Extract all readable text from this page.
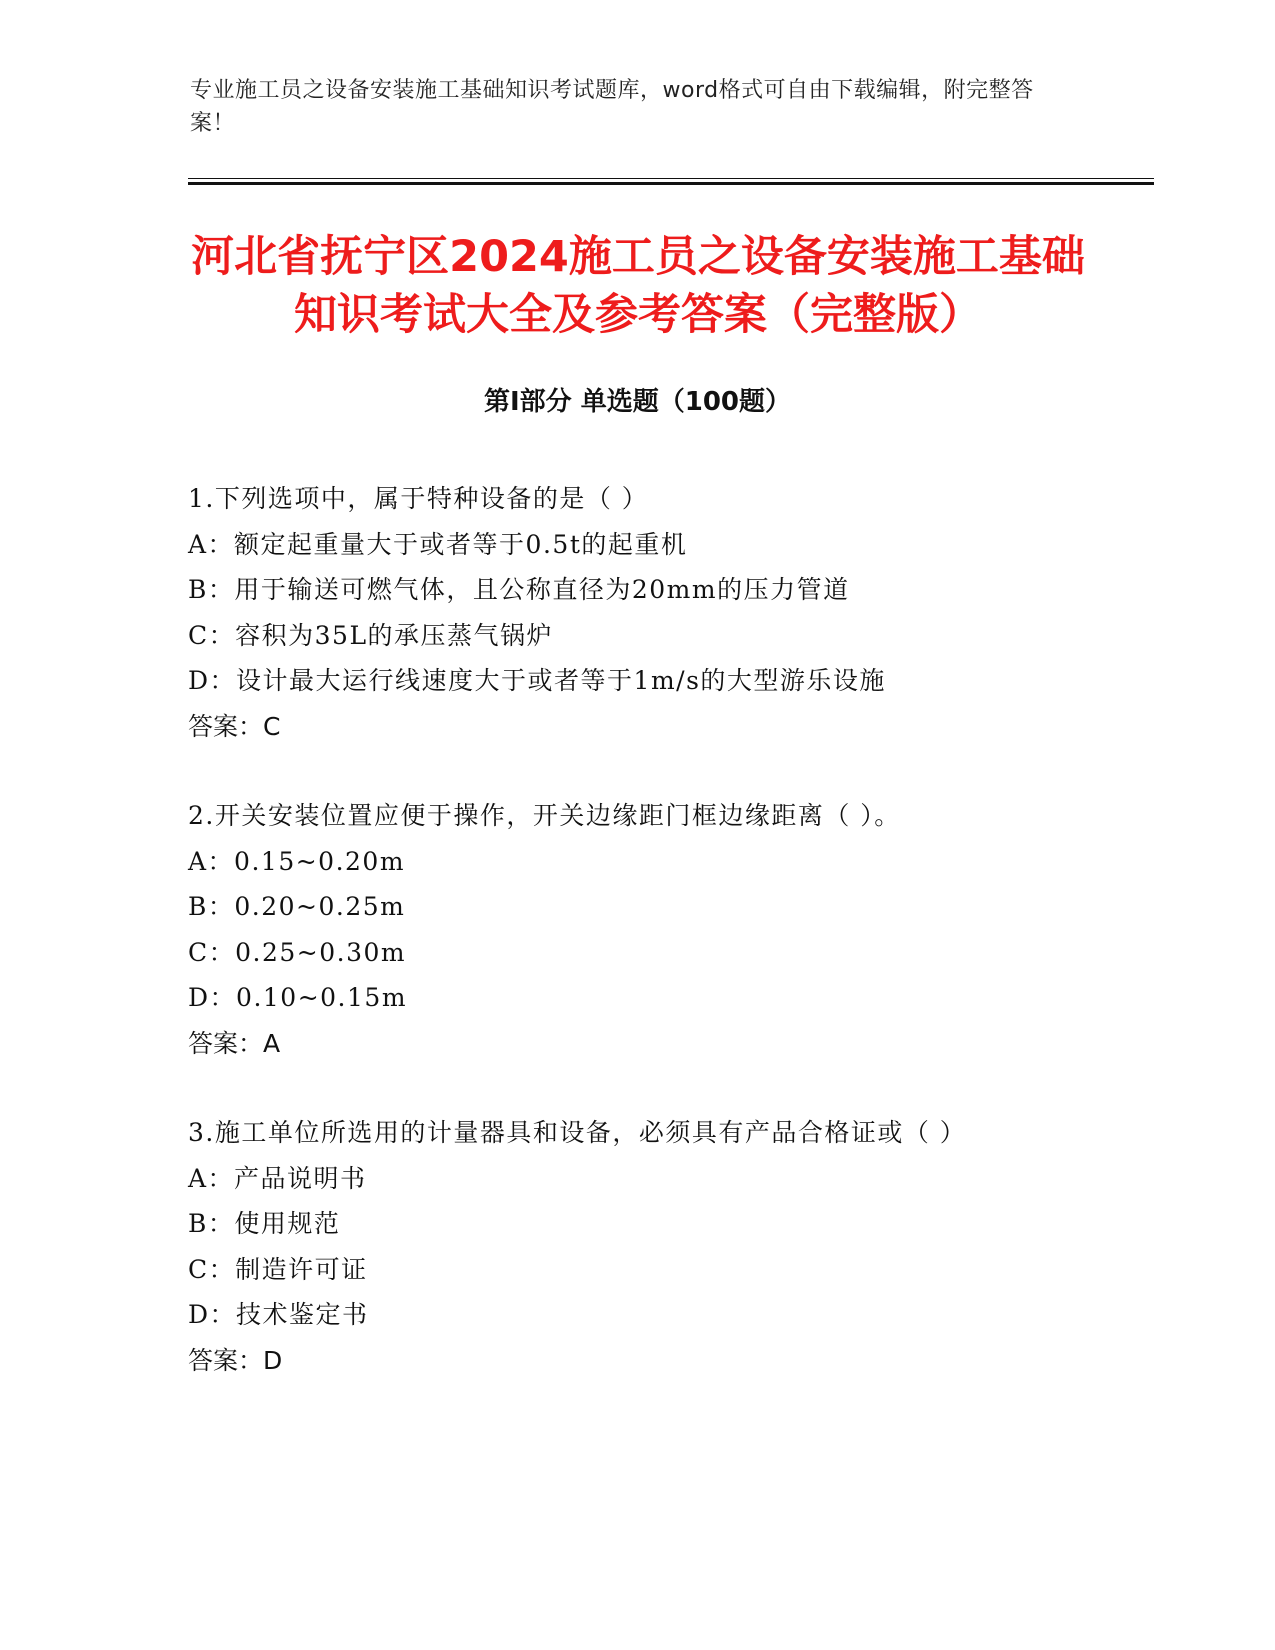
专业施工员之设备安装施工基础知识考试题库，word格式可自由下载编辑，附完整答案！
河北省抚宁区2024施工员之设备安装施工基础知识考试大全及参考答案（完整版）
第Ⅰ部分 单选题（100题）
1.下列选项中，属于特种设备的是（ ）
A：额定起重量大于或者等于0.5t的起重机
B：用于输送可燃气体，且公称直径为20mm的压力管道
C：容积为35L的承压蒸气锅炉
D：设计最大运行线速度大于或者等于1m/s的大型游乐设施
答案：C
2.开关安装位置应便于操作，开关边缘距门框边缘距离（ ）。
A：0.15~0.20m
B：0.20~0.25m
C：0.25~0.30m
D：0.10~0.15m
答案：A
3.施工单位所选用的计量器具和设备，必须具有产品合格证或（ ）
A：产品说明书
B：使用规范
C：制造许可证
D：技术鉴定书
答案：D
